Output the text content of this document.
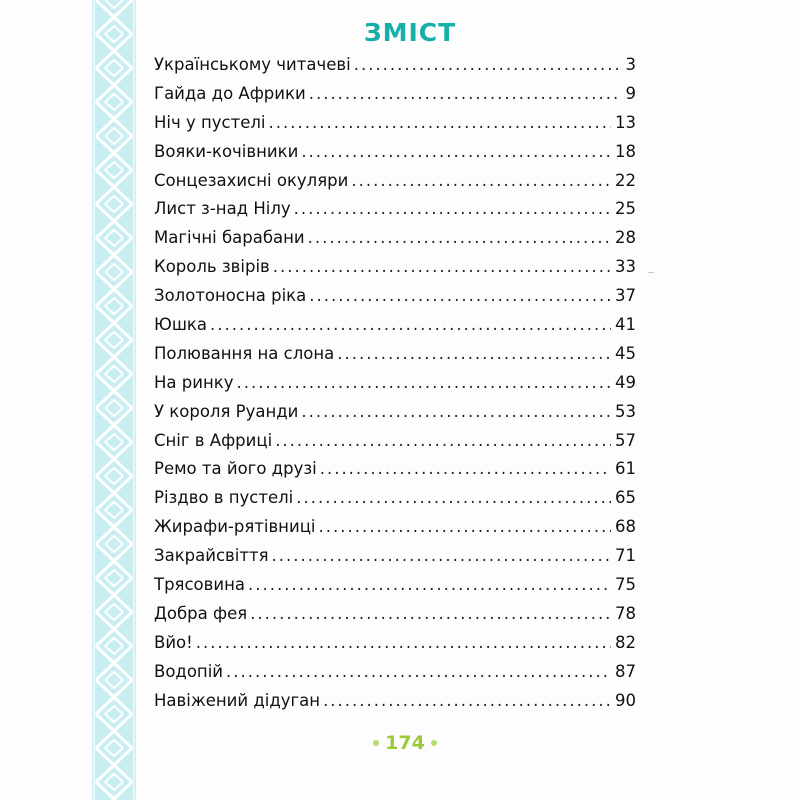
ЗМІСТ
Українському читачеві .....	3
Гайда до Африки .....	9
Ніч у пустелі .....	13
Вояки-кочівники .....	18
Сонцезахисні окуляри .....	22
Лист з-над Нілу .....	25
Магічні барабани .....	28
Король звірів .....	33
Золотоносна ріка .....	37
Юшка .....	41
Полювання на слона .....	45
На ринку .....	49
У короля Руанди .....	53
Сніг в Африці .....	57
Ремо та його друзі .....	61
Різдво в пустелі .....	65
Жирафи-рятівниці .....	68
Закрайсвіття .....	71
Трясовина .....	75
Добра фея .....	78
Вйо! .....	82
Водопій .....	87
Навіжений дідуган .....	90
174
